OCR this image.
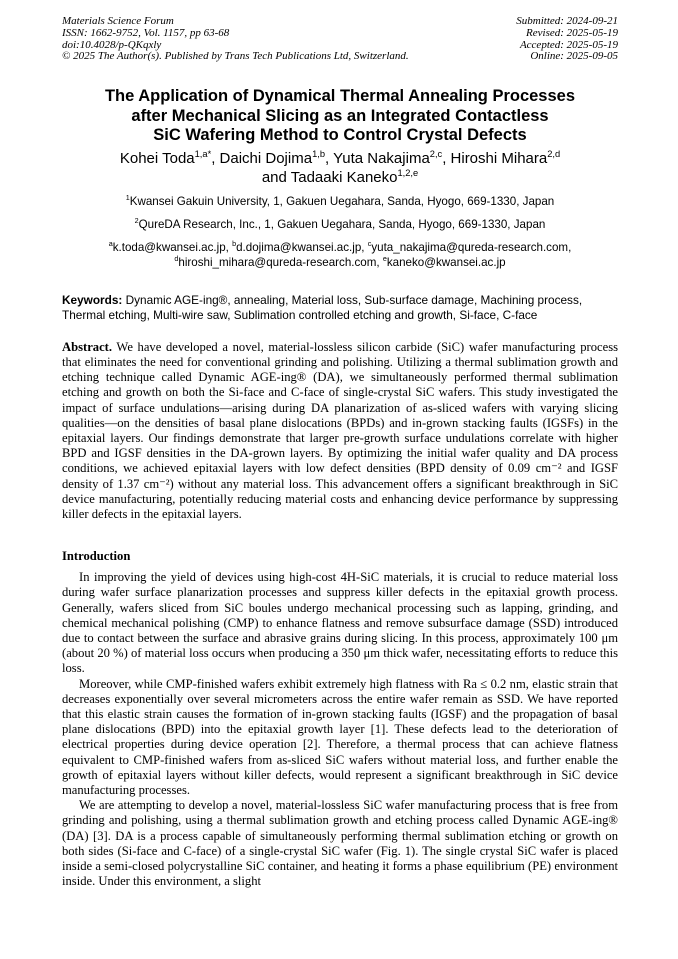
Materials Science Forum
ISSN: 1662-9752, Vol. 1157, pp 63-68
doi:10.4028/p-QKqxly
© 2025 The Author(s). Published by Trans Tech Publications Ltd, Switzerland.
Submitted: 2024-09-21
Revised: 2025-05-19
Accepted: 2025-05-19
Online: 2025-09-05
The Application of Dynamical Thermal Annealing Processes
after Mechanical Slicing as an Integrated Contactless
SiC Wafering Method to Control Crystal Defects
Kohei Toda$^{1,a*}$, Daichi Dojima$^{1,b}$, Yuta Nakajima$^{2,c}$, Hiroshi Mihara$^{2,d}$
and Tadaaki Kaneko$^{1,2,e}$
$^1$Kwansei Gakuin University, 1, Gakuen Uegahara, Sanda, Hyogo, 669-1330, Japan
$^2$QureDA Research, Inc., 1, Gakuen Uegahara, Sanda, Hyogo, 669-1330, Japan
$^a$k.toda@kwansei.ac.jp, $^b$d.dojima@kwansei.ac.jp, $^c$yuta_nakajima@qureda-research.com,
$^d$hiroshi_mihara@qureda-research.com, $^e$kaneko@kwansei.ac.jp
Keywords: Dynamic AGE-ing®, annealing, Material loss, Sub-surface damage, Machining process, Thermal etching, Multi-wire saw, Sublimation controlled etching and growth, Si-face, C-face

Abstract. We have developed a novel, material-lossless silicon carbide (SiC) wafer manufacturing process that eliminates the need for conventional grinding and polishing. Utilizing a thermal sublimation growth and etching technique called Dynamic AGE-ing® (DA), we simultaneously performed thermal sublimation etching and growth on both the Si-face and C-face of single-crystal SiC wafers. This study investigated the impact of surface undulations—arising during DA planarization of as-sliced wafers with varying slicing qualities—on the densities of basal plane dislocations (BPDs) and in-grown stacking faults (IGSFs) in the epitaxial layers. Our findings demonstrate that larger pre-growth surface undulations correlate with higher BPD and IGSF densities in the DA-grown layers. By optimizing the initial wafer quality and DA process conditions, we achieved epitaxial layers with low defect densities (BPD density of 0.09 cm⁻² and IGSF density of 1.37 cm⁻²) without any material loss. This advancement offers a significant breakthrough in SiC device manufacturing, potentially reducing material costs and enhancing device performance by suppressing killer defects in the epitaxial layers.

Introduction

In improving the yield of devices using high-cost 4H-SiC materials, it is crucial to reduce material loss during wafer surface planarization processes and suppress killer defects in the epitaxial growth process. Generally, wafers sliced from SiC boules undergo mechanical processing such as lapping, grinding, and chemical mechanical polishing (CMP) to enhance flatness and remove subsurface damage (SSD) introduced due to contact between the surface and abrasive grains during slicing. In this process, approximately 100 μm (about 20 %) of material loss occurs when producing a 350 μm thick wafer, necessitating efforts to reduce this loss.

Moreover, while CMP-finished wafers exhibit extremely high flatness with Ra ≤ 0.2 nm, elastic strain that decreases exponentially over several micrometers across the entire wafer remain as SSD. We have reported that this elastic strain causes the formation of in-grown stacking faults (IGSF) and the propagation of basal plane dislocations (BPD) into the epitaxial growth layer [1]. These defects lead to the deterioration of electrical properties during device operation [2]. Therefore, a thermal process that can achieve flatness equivalent to CMP-finished wafers from as-sliced SiC wafers without material loss, and further enable the growth of epitaxial layers without killer defects, would represent a significant breakthrough in SiC device manufacturing processes.

We are attempting to develop a novel, material-lossless SiC wafer manufacturing process that is free from grinding and polishing, using a thermal sublimation growth and etching process called Dynamic AGE-ing® (DA) [3]. DA is a process capable of simultaneously performing thermal sublimation etching or growth on both sides (Si-face and C-face) of a single-crystal SiC wafer (Fig. 1). The single crystal SiC wafer is placed inside a semi-closed polycrystalline SiC container, and heating it forms a phase equilibrium (PE) environment inside. Under this environment, a slight
